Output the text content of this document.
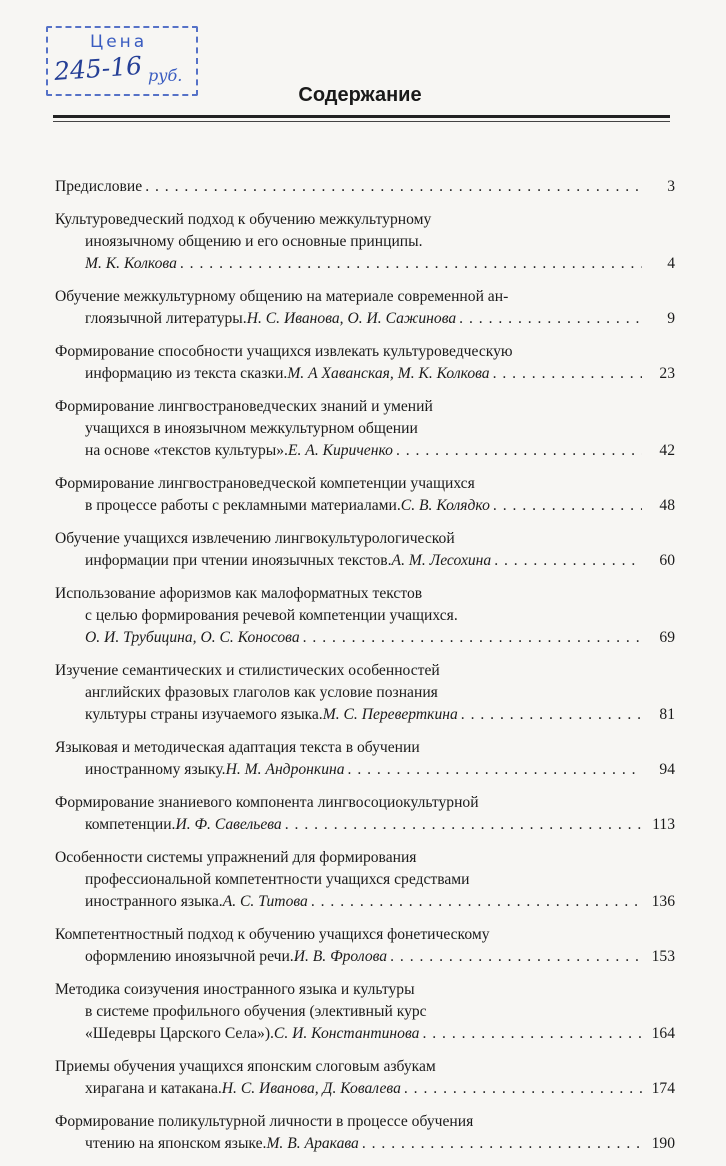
Цена
245-16 руб.
Содержание
Предисловие . . .	3
Культуроведческий подход к обучению межкультурному
иноязычному общению и его основные принципы.
М. К. Колкова . . .	4
Обучение межкультурному общению на материале современной ан-
глоязычной литературы. Н. С. Иванова, О. И. Сажинова . . .	9
Формирование способности учащихся извлекать культуроведческую
информацию из текста сказки. М. А Хаванская, М. К. Колкова . . .	23
Формирование лингвострановедческих знаний и умений
учащихся в иноязычном межкультурном общении
на основе «текстов культуры». Е. А. Кириченко . . .	42
Формирование лингвострановедческой компетенции учащихся
в процессе работы с рекламными материалами. С. В. Колядко . . .	48
Обучение учащихся извлечению лингвокультурологической
информации при чтении иноязычных текстов. А. М. Лесохина . . .	60
Использование афоризмов как малоформатных текстов
с целью формирования речевой компетенции учащихся.
О. И. Трубицина, О. С. Коносова . . .	69
Изучение семантических и стилистических особенностей
английских фразовых глаголов как условие познания
культуры страны изучаемого языка. М. С. Переверткина . . .	81
Языковая и методическая адаптация текста в обучении
иностранному языку. Н. М. Андронкина . . .	94
Формирование знаниевого компонента лингвосоциокультурной
компетенции. И. Ф. Савельева . . .	113
Особенности системы упражнений для формирования
профессиональной компетентности учащихся средствами
иностранного языка. А. С. Титова . . .	136
Компетентностный подход к обучению учащихся фонетическому
оформлению иноязычной речи. И. В. Фролова . . .	153
Методика соизучения иностранного языка и культуры
в системе профильного обучения (элективный курс
«Шедевры Царского Села»). С. И. Константинова . . .	164
Приемы обучения учащихся японским слоговым азбукам
хирагана и катакана. Н. С. Иванова, Д. Ковалева . . .	174
Формирование поликультурной личности в процессе обучения
чтению на японском языке. М. В. Аракава . . .	190
